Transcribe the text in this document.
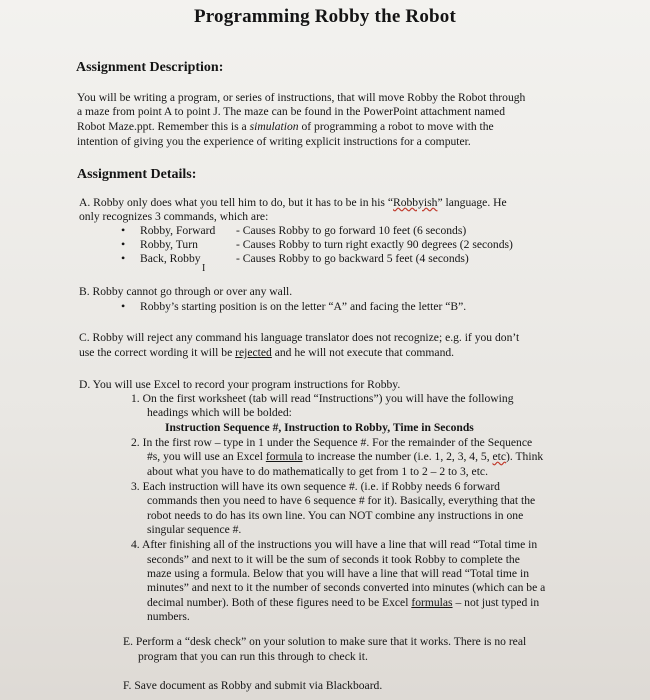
Programming Robby the Robot
Assignment Description:
You will be writing a program, or series of instructions, that will move Robby the Robot through
a maze from point A to point J. The maze can be found in the PowerPoint attachment named
Robot Maze.ppt. Remember this is a simulation of programming a robot to move with the
intention of giving you the experience of writing explicit instructions for a computer.
Assignment Details:
A. Robby only does what you tell him to do, but it has to be in his “Robbyish” language. He
only recognizes 3 commands, which are:
• Robby, Forward - Causes Robby to go forward 10 feet (6 seconds)
• Robby, Turn	- Causes Robby to turn right exactly 90 degrees (2 seconds)
• Back, Robby	- Causes Robby to go backward 5 feet (4 seconds)
I
B. Robby cannot go through or over any wall.
• Robby’s starting position is on the letter “A” and facing the letter “B”.
C. Robby will reject any command his language translator does not recognize; e.g. if you don’t
use the correct wording it will be rejected and he will not execute that command.
D. You will use Excel to record your program instructions for Robby.
1. On the first worksheet (tab will read “Instructions”) you will have the following
headings which will be bolded:
Instruction Sequence #, Instruction to Robby, Time in Seconds
2. In the first row – type in 1 under the Sequence #. For the remainder of the Sequence
#s, you will use an Excel formula to increase the number (i.e. 1, 2, 3, 4, 5, etc). Think
about what you have to do mathematically to get from 1 to 2 – 2 to 3, etc.
3. Each instruction will have its own sequence #. (i.e. if Robby needs 6 forward
commands then you need to have 6 sequence # for it). Basically, everything that the
robot needs to do has its own line. You can NOT combine any instructions in one
singular sequence #.
4. After finishing all of the instructions you will have a line that will read “Total time in
seconds” and next to it will be the sum of seconds it took Robby to complete the
maze using a formula. Below that you will have a line that will read “Total time in
minutes” and next to it the number of seconds converted into minutes (which can be a
decimal number). Both of these figures need to be Excel formulas – not just typed in
numbers.
E. Perform a “desk check” on your solution to make sure that it works. There is no real
program that you can run this through to check it.
F. Save document as Robby and submit via Blackboard.
